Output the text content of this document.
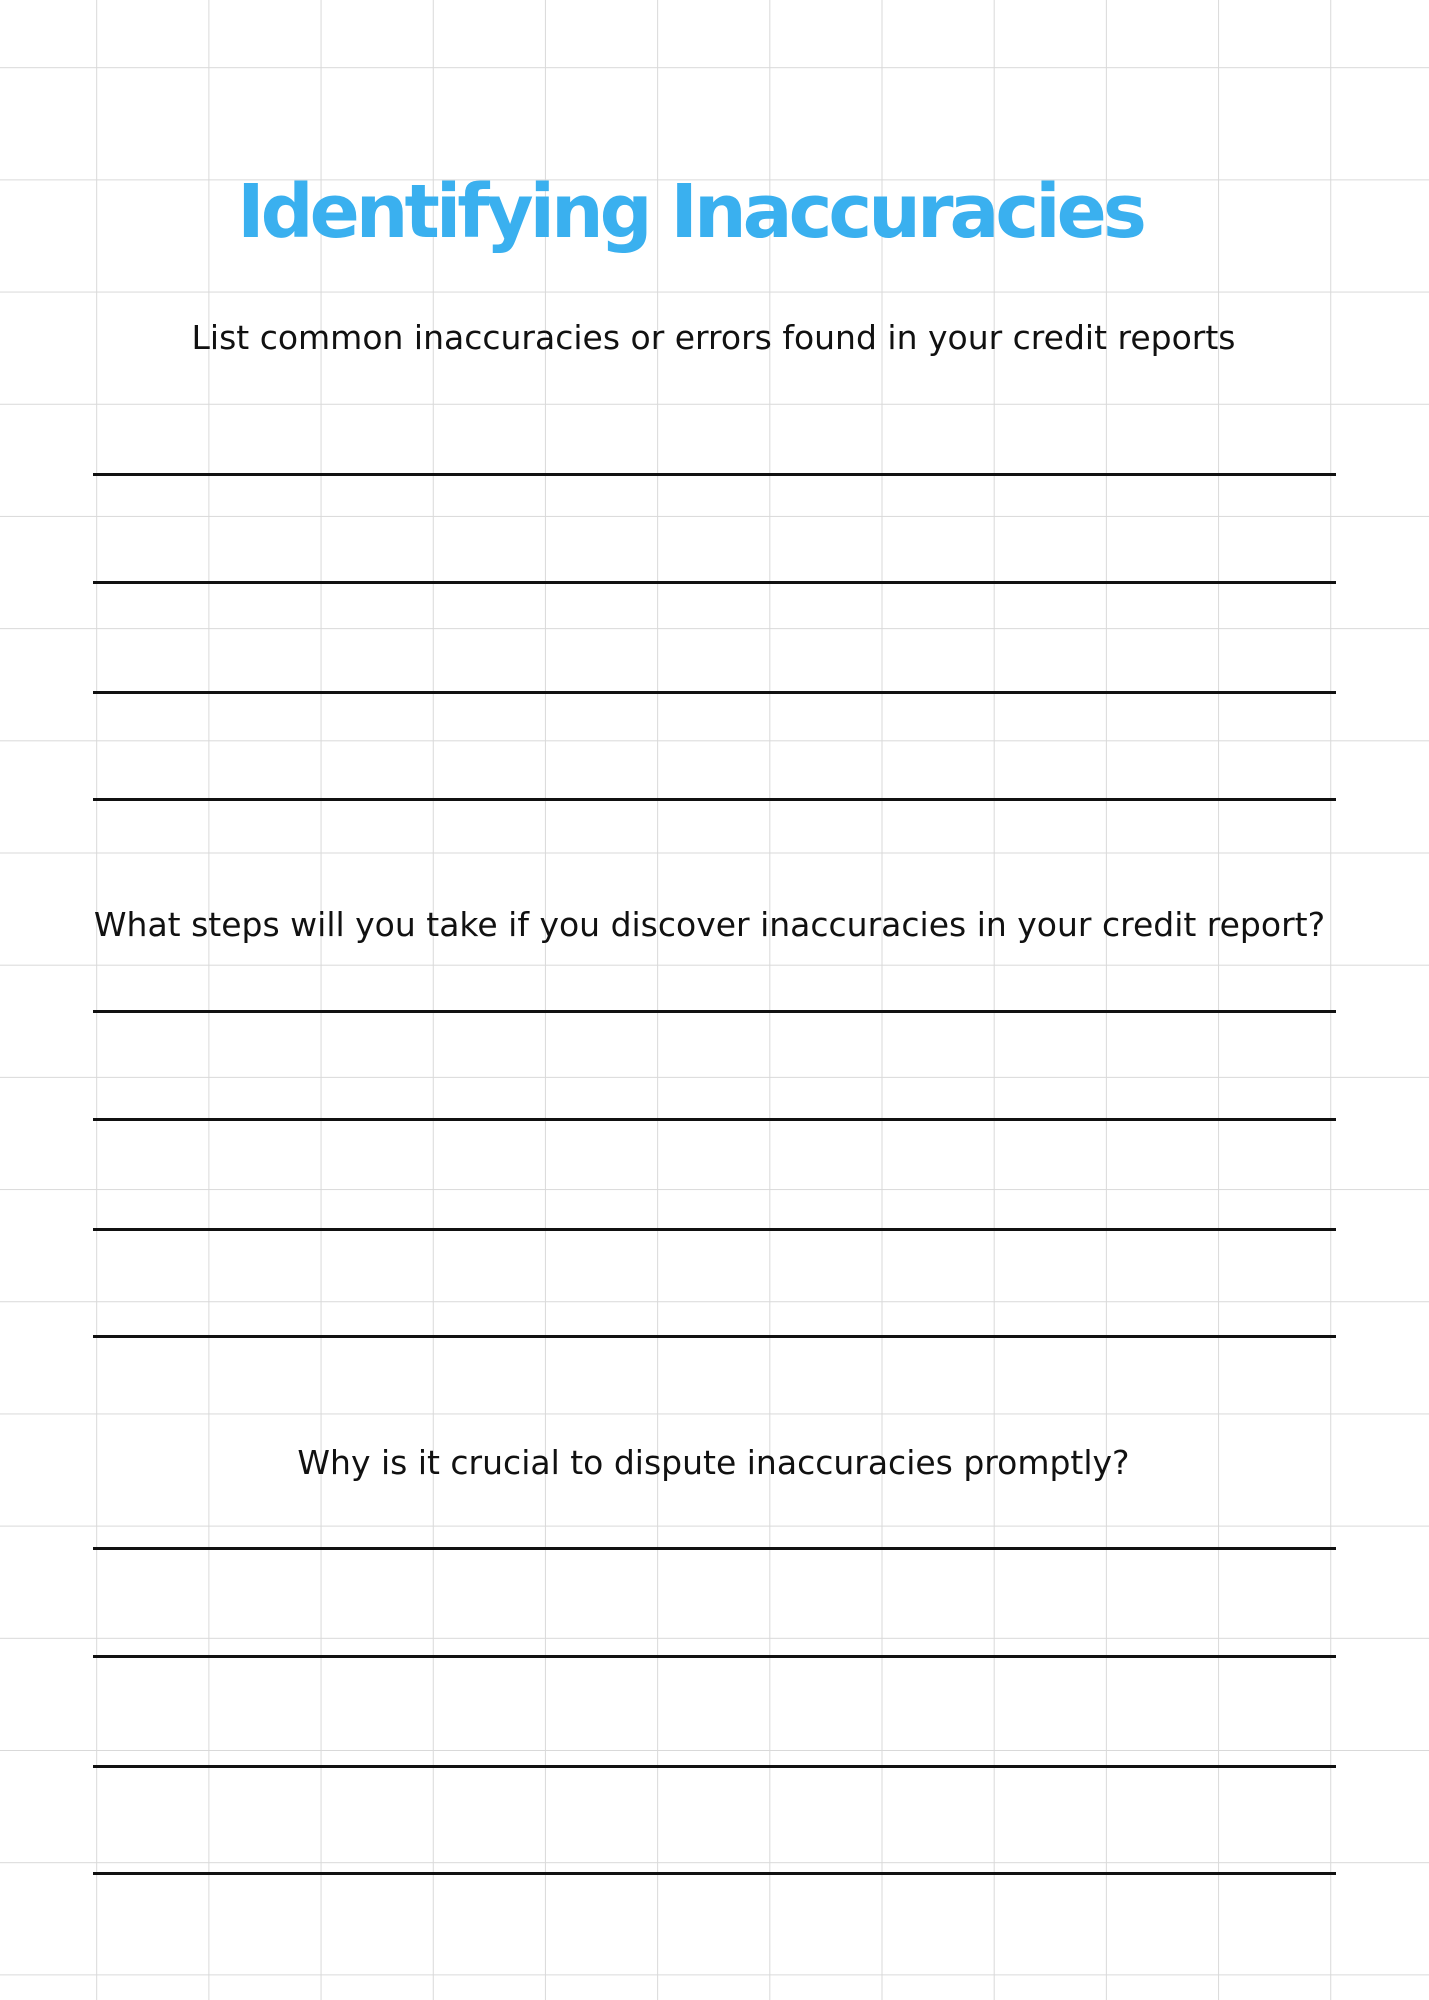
Identifying Inaccuracies
List common inaccuracies or errors found in your credit reports
What steps will you take if you discover inaccuracies in your credit report?
Why is it crucial to dispute inaccuracies promptly?
